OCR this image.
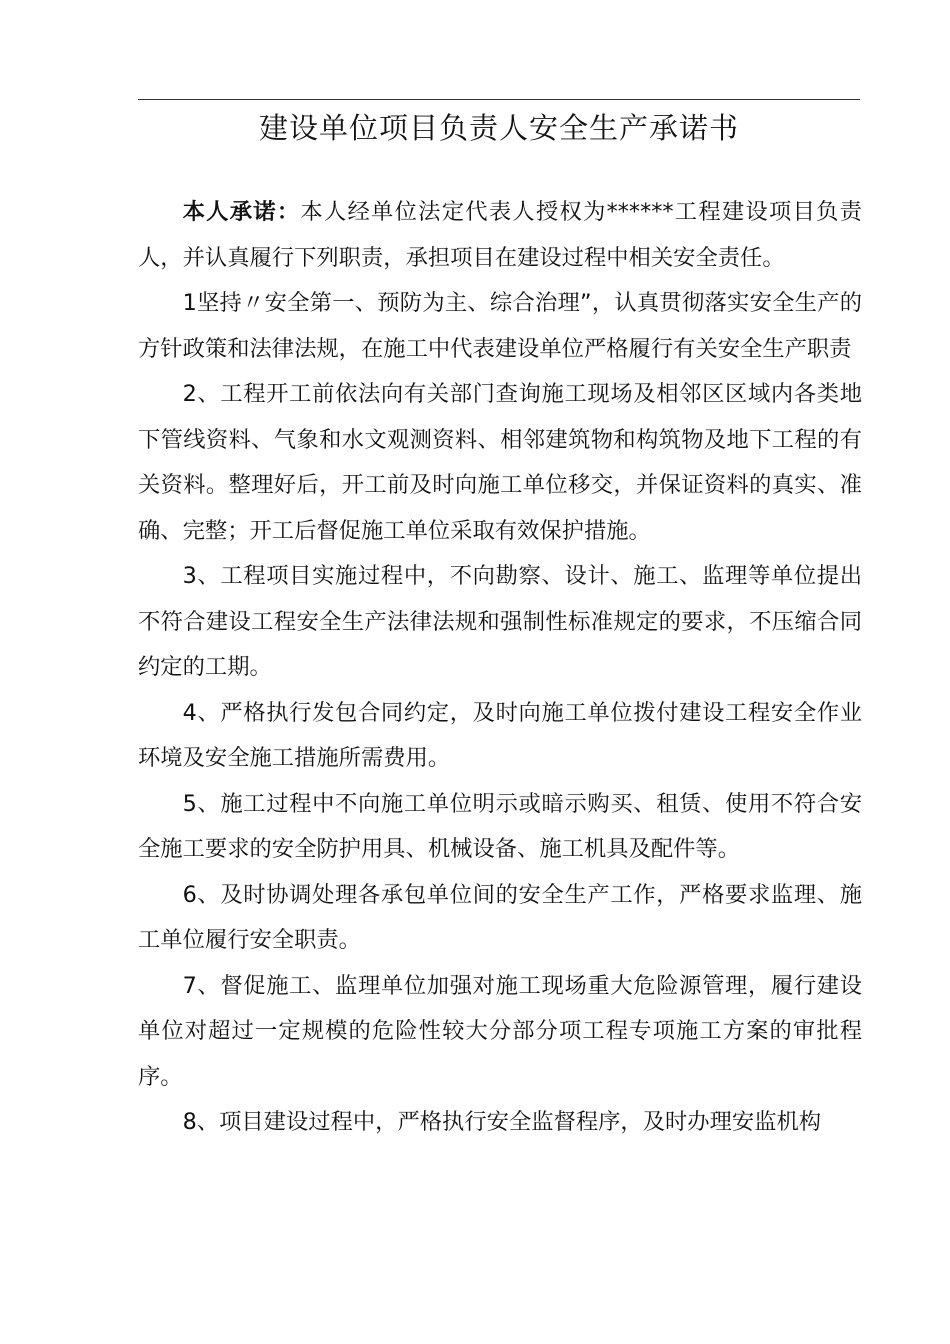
建设单位项目负责人安全生产承诺书

本人承诺：本人经单位法定代表人授权为******工程建设项目负责人，并认真履行下列职责，承担项目在建设过程中相关安全责任。

1坚持〃安全第一、预防为主、综合治理”，认真贯彻落实安全生产的方针政策和法律法规，在施工中代表建设单位严格履行有关安全生产职责

2、工程开工前依法向有关部门查询施工现场及相邻区区域内各类地下管线资料、气象和水文观测资料、相邻建筑物和构筑物及地下工程的有关资料。整理好后，开工前及时向施工单位移交，并保证资料的真实、准确、完整；开工后督促施工单位采取有效保护措施。

3、工程项目实施过程中，不向勘察、设计、施工、监理等单位提出不符合建设工程安全生产法律法规和强制性标准规定的要求，不压缩合同约定的工期。

4、严格执行发包合同约定，及时向施工单位拨付建设工程安全作业环境及安全施工措施所需费用。

5、施工过程中不向施工单位明示或暗示购买、租赁、使用不符合安全施工要求的安全防护用具、机械设备、施工机具及配件等。

6、及时协调处理各承包单位间的安全生产工作，严格要求监理、施工单位履行安全职责。

7、督促施工、监理单位加强对施工现场重大危险源管理，履行建设单位对超过一定规模的危险性较大分部分项工程专项施工方案的审批程序。

8、项目建设过程中，严格执行安全监督程序，及时办理安监机构
